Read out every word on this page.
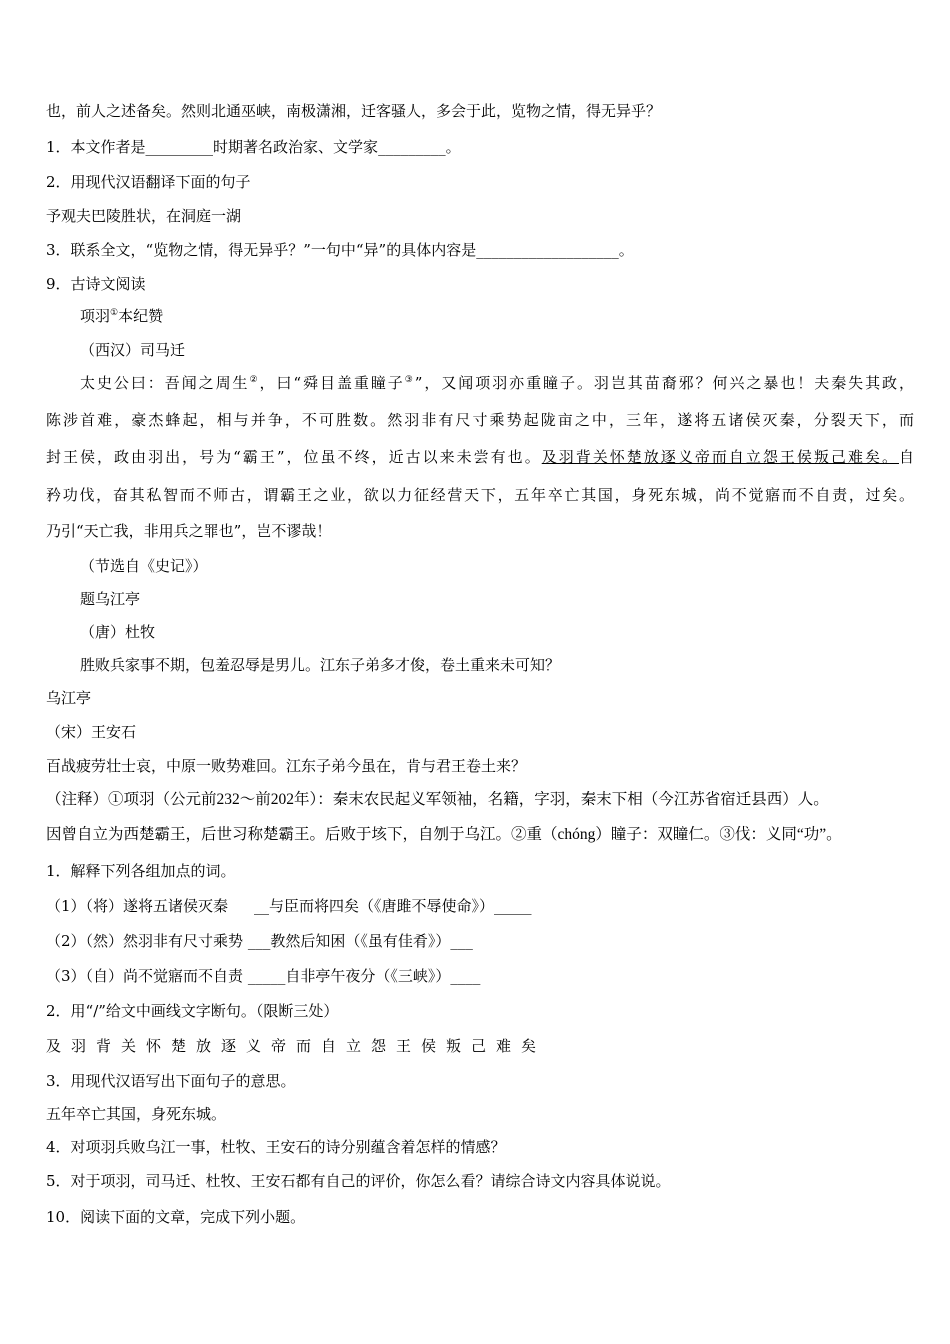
也，前人之述备矣。然则北通巫峡，南极潇湘，迁客骚人，多会于此，览物之情，得无异乎？
1．本文作者是_________时期著名政治家、文学家_________。
2．用现代汉语翻译下面的句子
予观夫巴陵胜状，在洞庭一湖
3．联系全文，“览物之情，得无异乎？”一句中“异”的具体内容是___________________。
9．古诗文阅读
项羽①本纪赞
（西汉）司马迁
太史公曰：吾闻之周生②，曰“舜目盖重瞳子③”，又闻项羽亦重瞳子。羽岂其苗裔邪？何兴之暴也！夫秦失其政，
陈涉首难，豪杰蜂起，相与并争，不可胜数。然羽非有尺寸乘势起陇亩之中，三年，遂将五诸侯灭秦，分裂天下，而
封王侯，政由羽出，号为“霸王”，位虽不终，近古以来未尝有也。及羽背关怀楚放逐义帝而自立怨王侯叛己难矣。自
矜功伐，奋其私智而不师古，谓霸王之业，欲以力征经营天下，五年卒亡其国，身死东城，尚不觉寤而不自责，过矣。
乃引“天亡我，非用兵之罪也”，岂不谬哉！
（节选自《史记》）
题乌江亭
（唐）杜牧
胜败兵家事不期，包羞忍辱是男儿。江东子弟多才俊，卷土重来未可知？
乌江亭
（宋）王安石
百战疲劳壮士哀，中原一败势难回。江东子弟今虽在，肯与君王卷土来？
（注释）①项羽（公元前232～前202年）：秦末农民起义军领袖，名籍，字羽，秦末下相（今江苏省宿迁县西）人。
因曾自立为西楚霸王，后世习称楚霸王。后败于垓下，自刎于乌江。②重（chóng）瞳子：双瞳仁。③伐：义同“功”。
1．解释下列各组加点的词。
（1）（将）遂将五诸侯灭秦 __与臣而将四矣（《唐雎不辱使命》）_____
（2）（然）然羽非有尺寸乘势 ___教然后知困（《虽有佳肴》）___
（3）（自）尚不觉寤而不自责 _____自非亭午夜分（《三峡》）____
2．用“/”给文中画线文字断句。（限断三处）
及羽背关怀楚放逐义帝而自立怨王侯叛己难矣
3．用现代汉语写出下面句子的意思。
五年卒亡其国，身死东城。
4．对项羽兵败乌江一事，杜牧、王安石的诗分别蕴含着怎样的情感？
5．对于项羽，司马迁、杜牧、王安石都有自己的评价，你怎么看？请综合诗文内容具体说说。
10．阅读下面的文章，完成下列小题。
